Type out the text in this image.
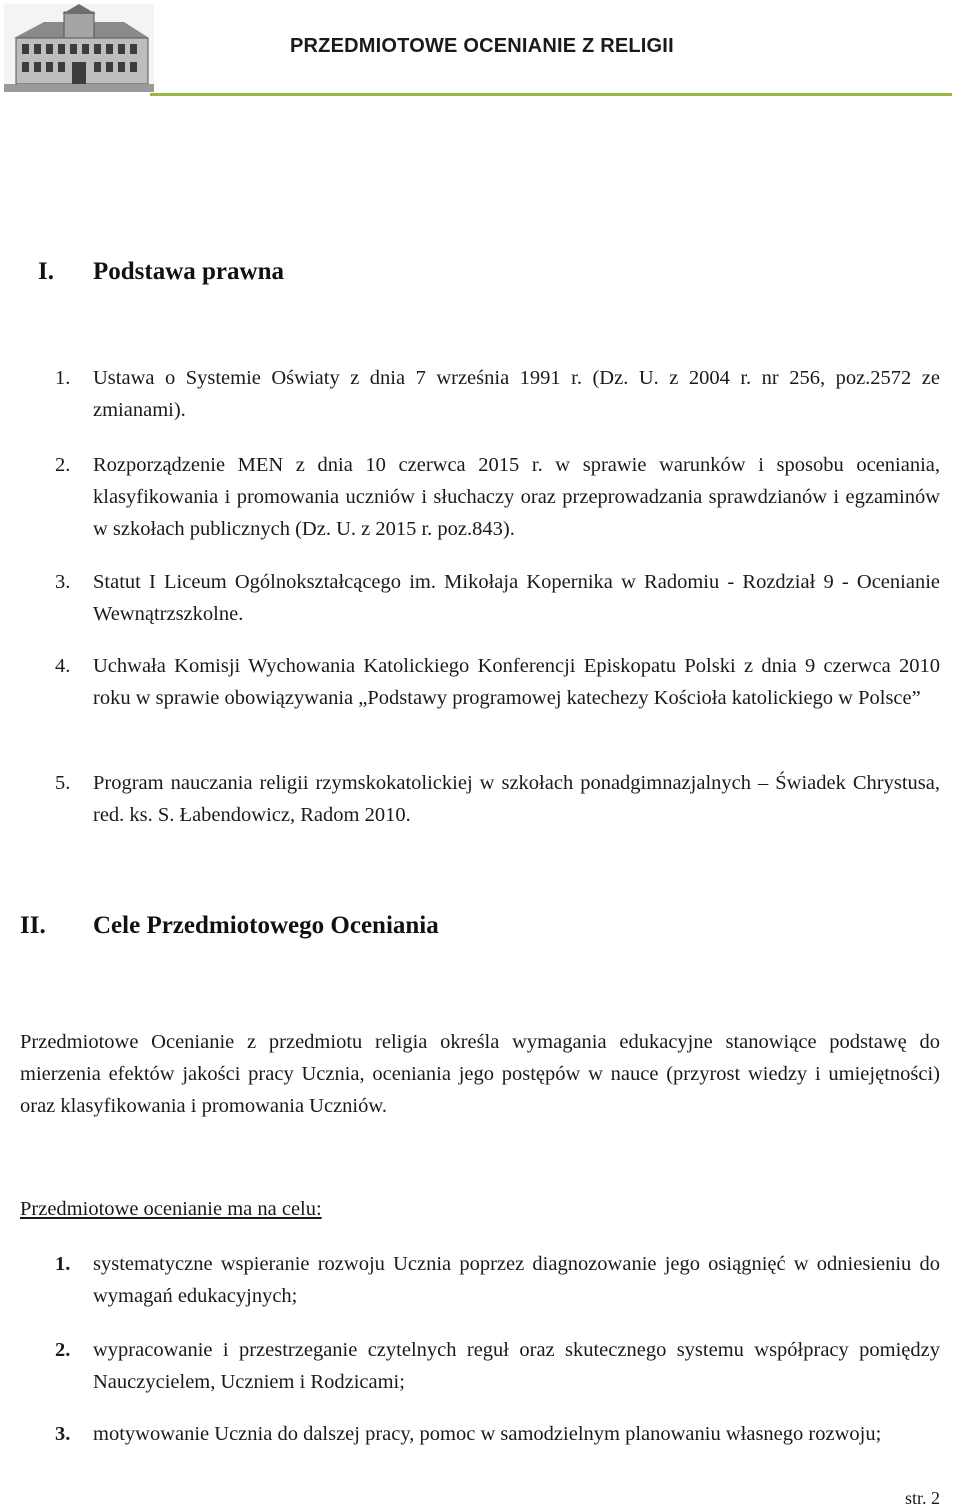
PRZEDMIOTOWE OCENIANIE Z RELIGII
I. Podstawa prawna
1.	Ustawa o Systemie Oświaty z dnia 7 września 1991 r. (Dz. U. z 2004 r. nr 256, poz.2572 ze zmianami).
2.	Rozporządzenie MEN z dnia 10 czerwca 2015 r. w sprawie warunków i sposobu oceniania, klasyfikowania i promowania uczniów i słuchaczy oraz przeprowadzania sprawdzianów i egzaminów w szkołach publicznych (Dz. U. z 2015 r. poz.843).
3.	Statut I Liceum Ogólnokształcącego im. Mikołaja Kopernika w Radomiu - Rozdział 9 - Ocenianie Wewnątrzszkolne.
4.	Uchwała Komisji Wychowania Katolickiego Konferencji Episkopatu Polski z dnia 9 czerwca 2010 roku w sprawie obowiązywania „Podstawy programowej katechezy Kościoła katolickiego w Polsce”
5.	Program nauczania religii rzymskokatolickiej w szkołach ponadgimnazjalnych – Świadek Chrystusa, red. ks. S. Łabendowicz, Radom 2010.
II. Cele Przedmiotowego Oceniania
Przedmiotowe Ocenianie z przedmiotu religia określa wymagania edukacyjne stanowiące podstawę do mierzenia efektów jakości pracy Ucznia, oceniania jego postępów w nauce (przyrost wiedzy i umiejętności) oraz klasyfikowania i promowania Uczniów.
Przedmiotowe ocenianie ma na celu:
1.	systematyczne wspieranie rozwoju Ucznia poprzez diagnozowanie jego osiągnięć w odniesieniu do wymagań edukacyjnych;
2.	wypracowanie i przestrzeganie czytelnych reguł oraz skutecznego systemu współpracy pomiędzy Nauczycielem, Uczniem i Rodzicami;
3.	motywowanie Ucznia do dalszej pracy, pomoc w samodzielnym planowaniu własnego rozwoju;
str. 2
